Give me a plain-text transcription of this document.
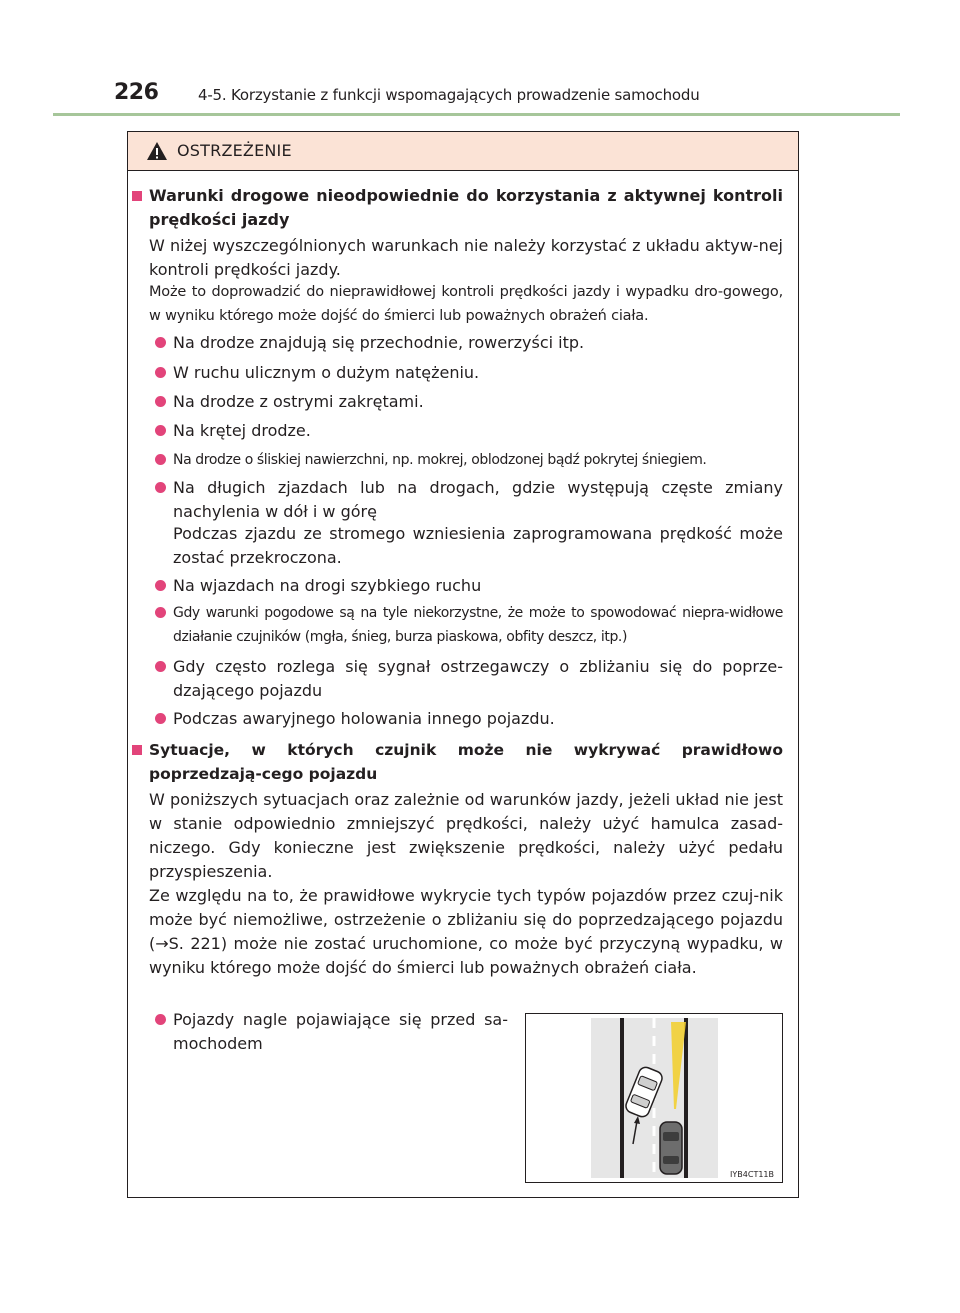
226	4-5. Korzystanie z funkcji wspomagających prowadzenie samochodu
OSTRZEŻENIE
Warunki drogowe nieodpowiednie do korzystania z aktywnej kontroli prędkości jazdy
W niżej wyszczególnionych warunkach nie należy korzystać z układu aktyw-nej kontroli prędkości jazdy.
Może to doprowadzić do nieprawidłowej kontroli prędkości jazdy i wypadku dro-gowego, w wyniku którego może dojść do śmierci lub poważnych obrażeń ciała.
Na drodze znajdują się przechodnie, rowerzyści itp.
W ruchu ulicznym o dużym natężeniu.
Na drodze z ostrymi zakrętami.
Na krętej drodze.
Na drodze o śliskiej nawierzchni, np. mokrej, oblodzonej bądź pokrytej śniegiem.
Na długich zjazdach lub na drogach, gdzie występują częste zmiany nachylenia w dół i w górę
Podczas zjazdu ze stromego wzniesienia zaprogramowana prędkość może zostać przekroczona.
Na wjazdach na drogi szybkiego ruchu
Gdy warunki pogodowe są na tyle niekorzystne, że może to spowodować niepra-widłowe działanie czujników (mgła, śnieg, burza piaskowa, obfity deszcz, itp.)
Gdy często rozlega się sygnał ostrzegawczy o zbliżaniu się do poprze-dzającego pojazdu
Podczas awaryjnego holowania innego pojazdu.
Sytuacje, w których czujnik może nie wykrywać prawidłowo poprzedzają-cego pojazdu
W poniższych sytuacjach oraz zależnie od warunków jazdy, jeżeli układ nie jest w stanie odpowiednio zmniejszyć prędkości, należy użyć hamulca zasad-niczego. Gdy konieczne jest zwiększenie prędkości, należy użyć pedału przyspieszenia.
Ze względu na to, że prawidłowe wykrycie tych typów pojazdów przez czuj-nik może być niemożliwe, ostrzeżenie o zbliżaniu się do poprzedzającego pojazdu (→S. 221) może nie zostać uruchomione, co może być przyczyną wypadku, w wyniku którego może dojść do śmierci lub poważnych obrażeń ciała.
Pojazdy nagle pojawiające się przed sa-mochodem
IYB4CT11B
